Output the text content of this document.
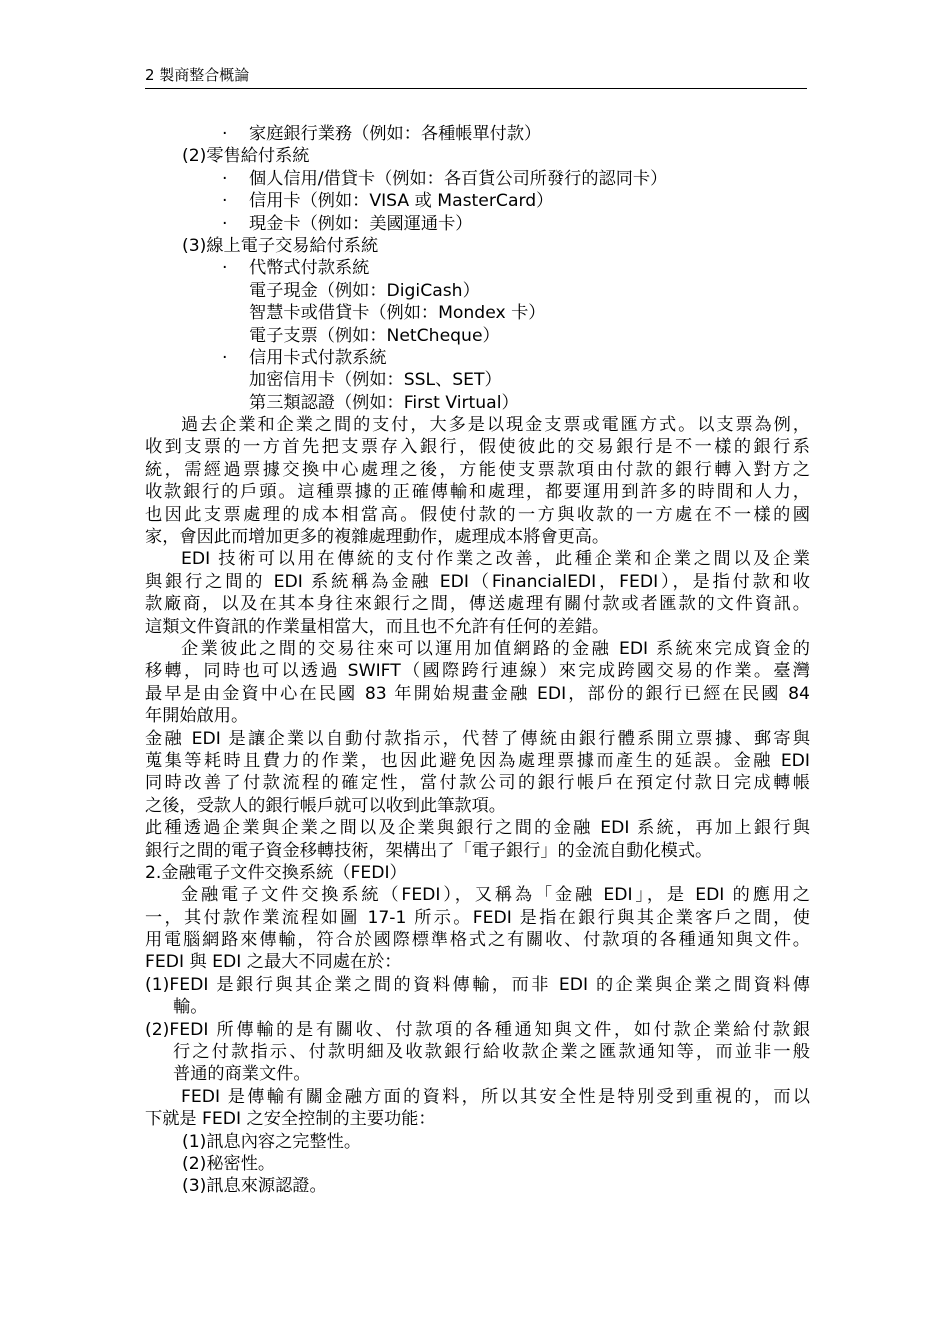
2 製商整合概論
· 家庭銀行業務（例如：各種帳單付款）
(2)零售給付系統
· 個人信用/借貸卡（例如：各百貨公司所發行的認同卡）
· 信用卡（例如：VISA 或 MasterCard）
· 現金卡（例如：美國運通卡）
(3)線上電子交易給付系統
· 代幣式付款系統
電子現金（例如：DigiCash）
智慧卡或借貸卡（例如：Mondex 卡）
電子支票（例如：NetCheque）
· 信用卡式付款系統
加密信用卡（例如：SSL、SET）
第三類認證（例如：First Virtual）
過去企業和企業之間的支付，大多是以現金支票或電匯方式。以支票為例，
收到支票的一方首先把支票存入銀行，假使彼此的交易銀行是不一樣的銀行系
統，需經過票據交換中心處理之後，方能使支票款項由付款的銀行轉入對方之
收款銀行的戶頭。這種票據的正確傳輸和處理，都要運用到許多的時間和人力，
也因此支票處理的成本相當高。假使付款的一方與收款的一方處在不一樣的國
家，會因此而增加更多的複雜處理動作，處理成本將會更高。
EDI 技術可以用在傳統的支付作業之改善，此種企業和企業之間以及企業
與銀行之間的 EDI 系統稱為金融 EDI（FinancialEDI，FEDI），是指付款和收
款廠商，以及在其本身往來銀行之間，傳送處理有關付款或者匯款的文件資訊。
這類文件資訊的作業量相當大，而且也不允許有任何的差錯。
企業彼此之間的交易往來可以運用加值網路的金融 EDI 系統來完成資金的
移轉，同時也可以透過 SWIFT（國際跨行連線）來完成跨國交易的作業。臺灣
最早是由金資中心在民國 83 年開始規畫金融 EDI，部份的銀行已經在民國 84
年開始啟用。
金融 EDI 是讓企業以自動付款指示，代替了傳統由銀行體系開立票據、郵寄與
蒐集等耗時且費力的作業，也因此避免因為處理票據而產生的延誤。金融 EDI
同時改善了付款流程的確定性，當付款公司的銀行帳戶在預定付款日完成轉帳
之後，受款人的銀行帳戶就可以收到此筆款項。
此種透過企業與企業之間以及企業與銀行之間的金融 EDI 系統，再加上銀行與
銀行之間的電子資金移轉技術，架構出了「電子銀行」的金流自動化模式。
2.金融電子文件交換系統（FEDI）
金融電子文件交換系統（FEDI），又稱為「金融 EDI」，是 EDI 的應用之
一，其付款作業流程如圖 17-1 所示。FEDI 是指在銀行與其企業客戶之間，使
用電腦網路來傳輸，符合於國際標準格式之有關收、付款項的各種通知與文件。
FEDI 與 EDI 之最大不同處在於：
(1)FEDI 是銀行與其企業之間的資料傳輸，而非 EDI 的企業與企業之間資料傳
輸。
(2)FEDI 所傳輸的是有關收、付款項的各種通知與文件，如付款企業給付款銀
行之付款指示、付款明細及收款銀行給收款企業之匯款通知等，而並非一般
普通的商業文件。
FEDI 是傳輸有關金融方面的資料，所以其安全性是特別受到重視的，而以
下就是 FEDI 之安全控制的主要功能：
(1)訊息內容之完整性。
(2)秘密性。
(3)訊息來源認證。
